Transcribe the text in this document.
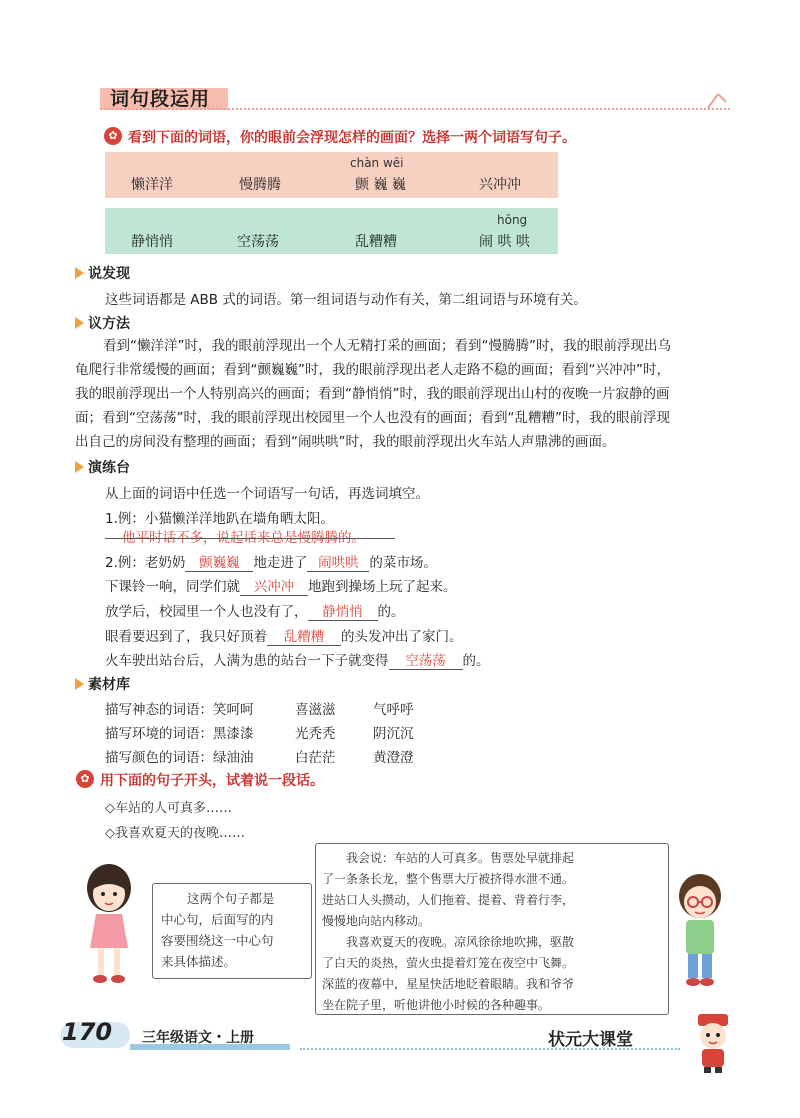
词句段运用
✿ 看到下面的词语，你的眼前会浮现怎样的画面？选择一两个词语写句子。
chàn wēi
懒洋洋	慢腾腾	颤 巍 巍	兴冲冲
hōng
静悄悄	空荡荡	乱糟糟	闹 哄 哄
说发现
这些词语都是 ABB 式的词语。第一组词语与动作有关，第二组词语与环境有关。
议方法
看到“懒洋洋”时，我的眼前浮现出一个人无精打采的画面；看到“慢腾腾”时，我的眼前浮现出乌
龟爬行非常缓慢的画面；看到“颤巍巍”时，我的眼前浮现出老人走路不稳的画面；看到“兴冲冲”时，
我的眼前浮现出一个人特别高兴的画面；看到“静悄悄”时，我的眼前浮现出山村的夜晚一片寂静的画
面；看到“空荡荡”时，我的眼前浮现出校园里一个人也没有的画面；看到“乱糟糟”时，我的眼前浮现
出自己的房间没有整理的画面；看到“闹哄哄”时，我的眼前浮现出火车站人声鼎沸的画面。
演练台
从上面的词语中任选一个词语写一句话，再选词填空。
1.例：小猫懒洋洋地趴在墙角晒太阳。
他平时话不多，说起话来总是慢腾腾的。
2.例：老奶奶 颤巍巍 地走进了 闹哄哄 的菜市场。
下课铃一响，同学们就 兴冲冲 地跑到操场上玩了起来。
放学后，校园里一个人也没有了， 静悄悄 的。
眼看要迟到了，我只好顶着 乱糟糟 的头发冲出了家门。
火车驶出站台后，人满为患的站台一下子就变得 空荡荡 的。
素材库
描写神态的词语：笑呵呵	喜滋滋	气呼呼
描写环境的词语：黑漆漆	光秃秃	阴沉沉
描写颜色的词语：绿油油	白茫茫	黄澄澄
✿ 用下面的句子开头，试着说一段话。
◇车站的人可真多……
◇我喜欢夏天的夜晚……
这两个句子都是
中心句，后面写的内
容要围绕这一中心句
来具体描述。
我会说：车站的人可真多。售票处早就排起
了一条条长龙，整个售票大厅被挤得水泄不通。
进站口人头攒动，人们拖着、提着、背着行李，
慢慢地向站内移动。
我喜欢夏天的夜晚。凉风徐徐地吹拂，驱散
了白天的炎热，萤火虫提着灯笼在夜空中飞舞。
深蓝的夜幕中，星星快活地眨着眼睛。我和爷爷
坐在院子里，听他讲他小时候的各种趣事。
170 三年级语文・上册	状元大课堂
